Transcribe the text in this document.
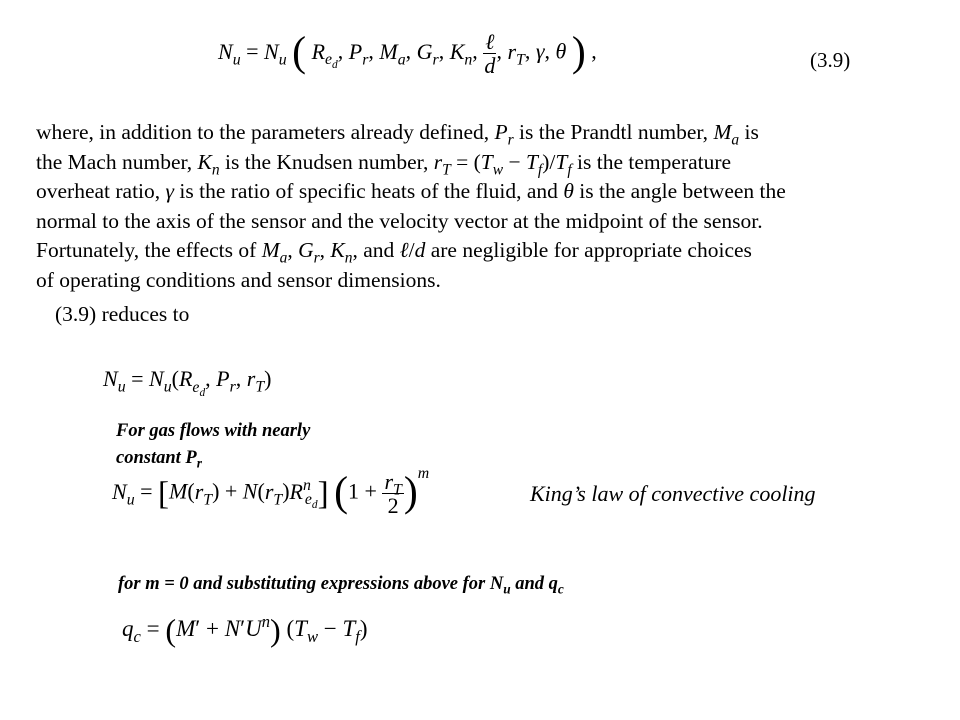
$N_u = N_u$ ( $R_{e_d}$, $P_r$, $M_a$, $G_r$, $K_n$, $\frac{\text{ℓ}}{d}$ , $r_T$, γ, θ ) ,	(3.9)
where, in addition to the parameters already defined, $P_r$ is the Prandtl number, $M_a$ is
the Mach number, $K_n$ is the Knudsen number, $r_T = (T_w - T_f)/T_f$ is the temperature
overheat ratio, γ is the ratio of specific heats of the fluid, and θ is the angle between the
normal to the axis of the sensor and the velocity vector at the midpoint of the sensor.
Fortunately, the effects of $M_a$, $G_r$, $K_n$, and ℓ/d are negligible for appropriate choices
of operating conditions and sensor dimensions.
(3.9) reduces to
$N_u = N_u(R_{e_d}$, $P_r$, $r_T$)
For gas flows with nearly
constant $P_r$
$N_u = [M(r_T) + N(r_T)R^n_{e_d}] (1 + \frac{r_T}{2} )^m$
King’s law of convective cooling
for m = 0 and substituting expressions above for $N_u$ and $q_c$
$q_c = (M' + N'U^n) (T_w - T_f)$
